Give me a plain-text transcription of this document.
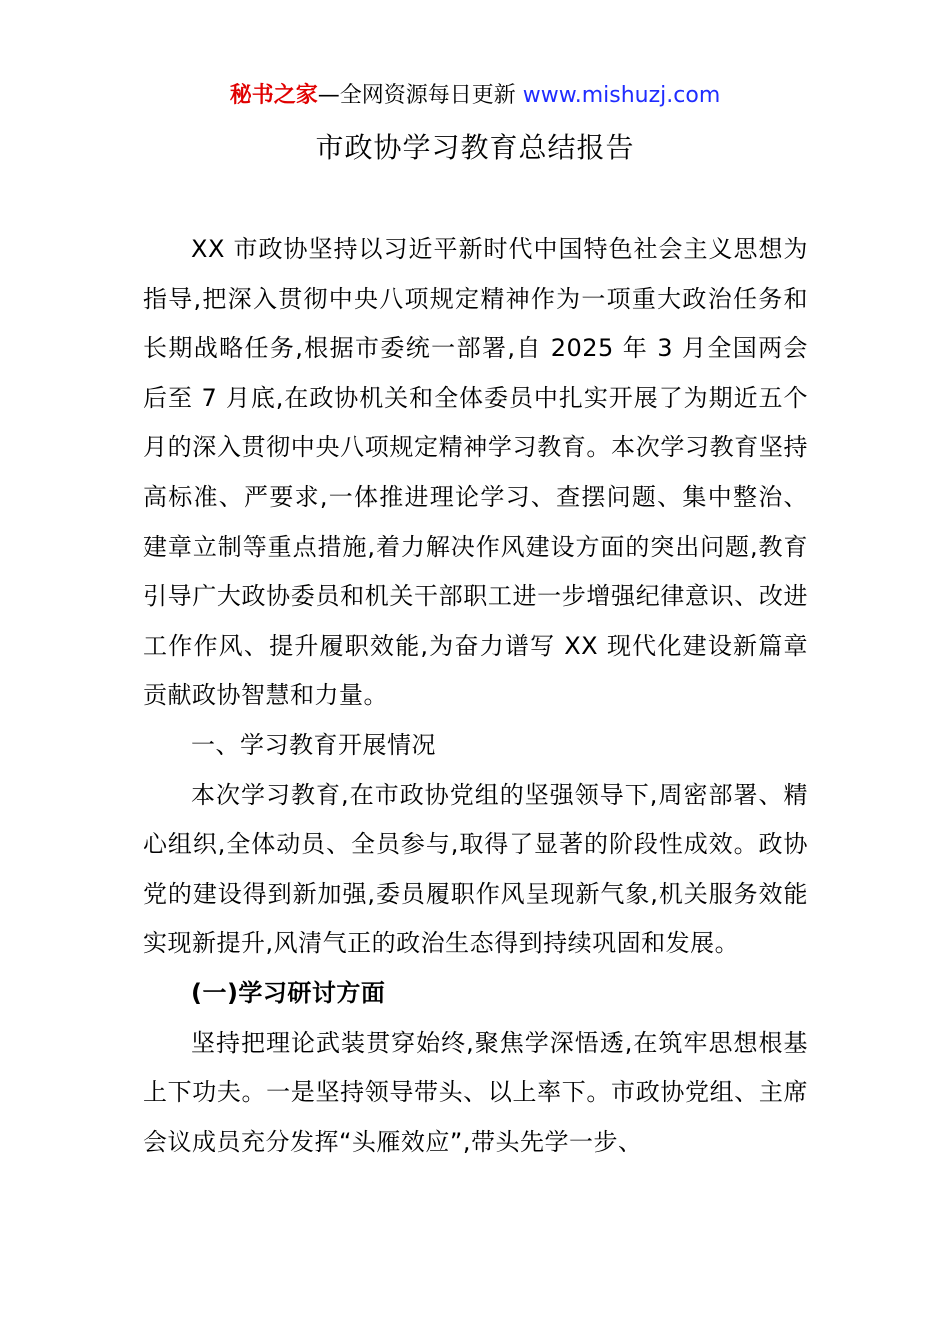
秘书之家—全网资源每日更新 www.mishuzj.com
市政协学习教育总结报告

XX 市政协坚持以习近平新时代中国特色社会主义思想为指导,把深入贯彻中央八项规定精神作为一项重大政治任务和长期战略任务,根据市委统一部署,自 2025 年 3 月全国两会后至 7 月底,在政协机关和全体委员中扎实开展了为期近五个月的深入贯彻中央八项规定精神学习教育。本次学习教育坚持高标准、严要求,一体推进理论学习、查摆问题、集中整治、建章立制等重点措施,着力解决作风建设方面的突出问题,教育引导广大政协委员和机关干部职工进一步增强纪律意识、改进工作作风、提升履职效能,为奋力谱写 XX 现代化建设新篇章贡献政协智慧和力量。

一、学习教育开展情况

本次学习教育,在市政协党组的坚强领导下,周密部署、精心组织,全体动员、全员参与,取得了显著的阶段性成效。政协党的建设得到新加强,委员履职作风呈现新气象,机关服务效能实现新提升,风清气正的政治生态得到持续巩固和发展。

(一)学习研讨方面

坚持把理论武装贯穿始终,聚焦学深悟透,在筑牢思想根基上下功夫。一是坚持领导带头、以上率下。市政协党组、主席会议成员充分发挥“头雁效应”,带头先学一步、
